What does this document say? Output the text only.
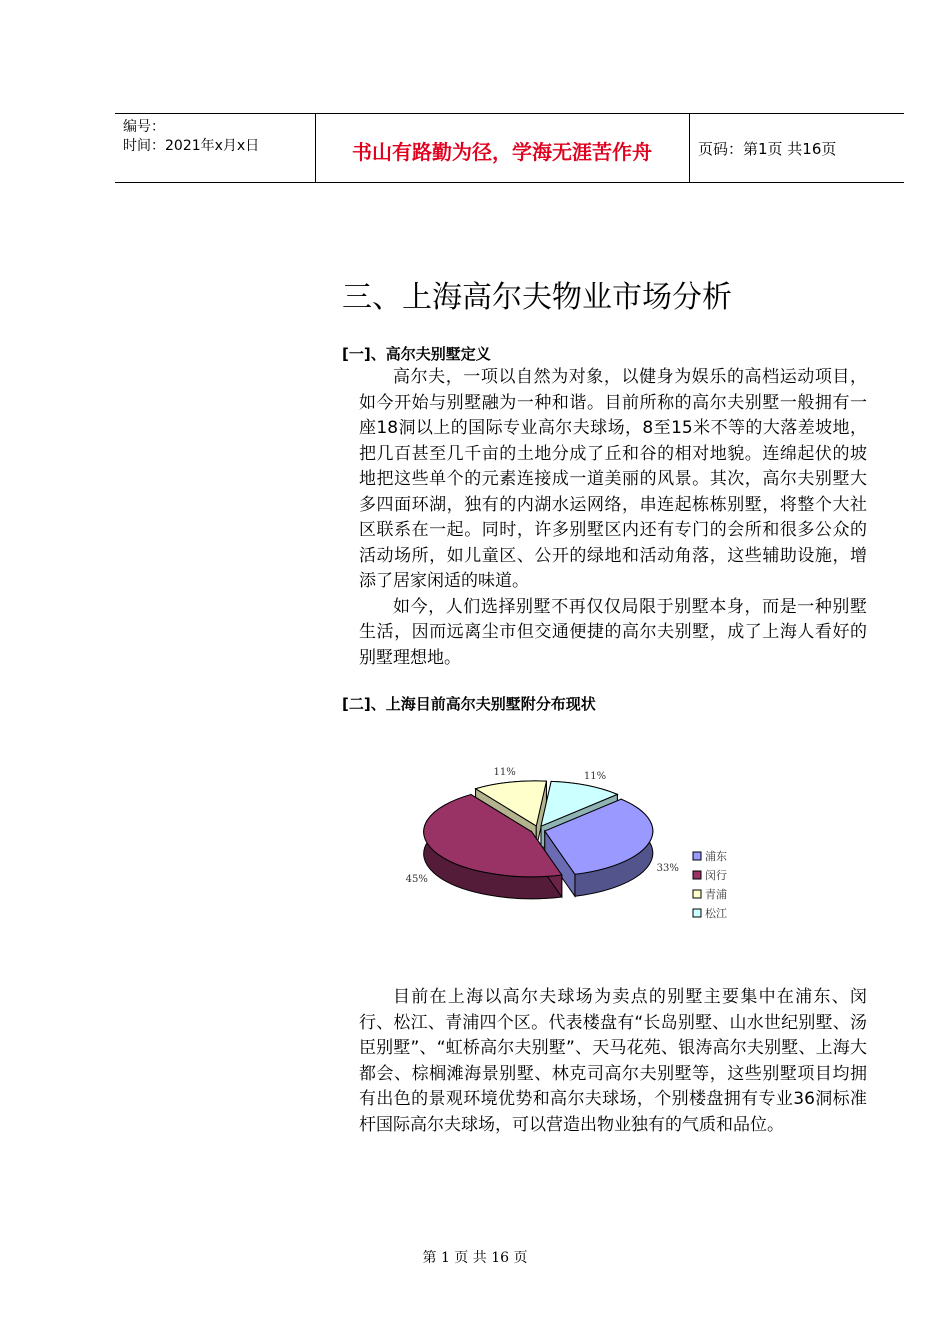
编号：
时间：2021年x月x日	书山有路勤为径，学海无涯苦作舟	页码：第1页 共16页
三、上海高尔夫物业市场分析
[一]、高尔夫别墅定义

高尔夫，一项以自然为对象，以健身为娱乐的高档运动项目，如今开始与别墅融为一种和谐。目前所称的高尔夫别墅一般拥有一座18洞以上的国际专业高尔夫球场，8至15米不等的大落差坡地，把几百甚至几千亩的土地分成了丘和谷的相对地貌。连绵起伏的坡地把这些单个的元素连接成一道美丽的风景。其次，高尔夫别墅大多四面环湖，独有的内湖水运网络，串连起栋栋别墅，将整个大社区联系在一起。同时，许多别墅区内还有专门的会所和很多公众的活动场所，如儿童区、公开的绿地和活动角落，这些辅助设施，增添了居家闲适的味道。

如今，人们选择别墅不再仅仅局限于别墅本身，而是一种别墅生活，因而远离尘市但交通便捷的高尔夫别墅，成了上海人看好的别墅理想地。

[二]、上海目前高尔夫别墅附分布现状
11%	11%
33%
45%
浦东
闵行
青浦
松江

目前在上海以高尔夫球场为卖点的别墅主要集中在浦东、闵行、松江、青浦四个区。代表楼盘有“长岛别墅、山水世纪别墅、汤臣别墅”、“虹桥高尔夫别墅”、天马花苑、银涛高尔夫别墅、上海大都会、棕榈滩海景别墅、林克司高尔夫别墅等，这些别墅项目均拥有出色的景观环境优势和高尔夫球场，个别楼盘拥有专业36洞标准杆国际高尔夫球场，可以营造出物业独有的气质和品位。

第 1 页 共 16 页
